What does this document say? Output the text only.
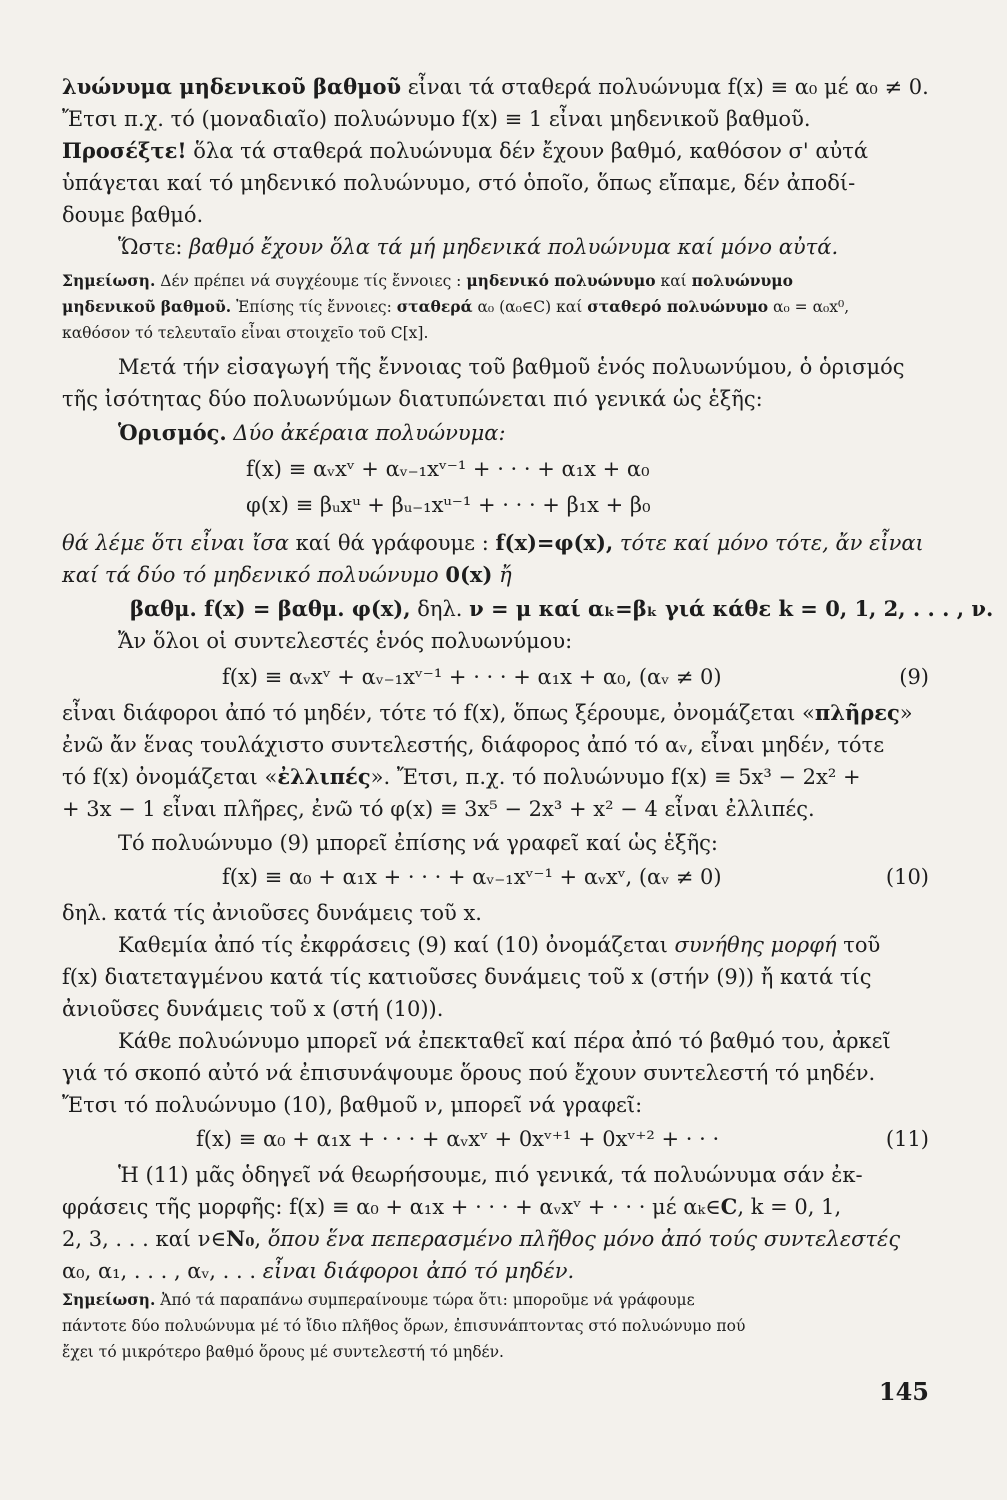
λυώνυμα μηδενικοῦ βαθμοῦ εἶναι τά σταθερά πολυώνυμα f(x) ≡ α₀ μέ α₀ ≠ 0.
Ἔτσι π.χ. τό (μοναδιαῖο) πολυώνυμο f(x) ≡ 1 εἶναι μηδενικοῦ βαθμοῦ.
Προσέξτε! ὅλα τά σταθερά πολυώνυμα δέν ἔχουν βαθμό, καθόσον σ' αὐτά
ὑπάγεται καί τό μηδενικό πολυώνυμο, στό ὁποῖο, ὅπως εἴπαμε, δέν ἀποδί-
δουμε βαθμό.
Ὥστε: βαθμό ἔχουν ὅλα τά μή μηδενικά πολυώνυμα καί μόνο αὐτά.
Σημείωση. Δέν πρέπει νά συγχέουμε τίς ἔννοιες : μηδενικό πολυώνυμο καί πολυώνυμο
μηδενικοῦ βαθμοῦ. Ἐπίσης τίς ἔννοιες: σταθερά α₀ (α₀∈C) καί σταθερό πολυώνυμο α₀ = α₀x⁰,
καθόσον τό τελευταῖο εἶναι στοιχεῖο τοῦ C[x].
Μετά τήν εἰσαγωγή τῆς ἔννοιας τοῦ βαθμοῦ ἑνός πολυωνύμου, ὁ ὁρισμός
τῆς ἰσότητας δύο πολυωνύμων διατυπώνεται πιό γενικά ὡς ἑξῆς:
Ὁρισμός. Δύο ἀκέραια πολυώνυμα:
f(x) ≡ αᵥxᵛ + αᵥ₋₁xᵛ⁻¹ + · · · + α₁x + α₀
φ(x) ≡ βᵤxᵘ + βᵤ₋₁xᵘ⁻¹ + · · · + β₁x + β₀
θά λέμε ὅτι εἶναι ἴσα καί θά γράφουμε : f(x)=φ(x), τότε καί μόνο τότε, ἄν εἶναι
καί τά δύο τό μηδενικό πολυώνυμο 0(x) ἤ
βαθμ. f(x) = βαθμ. φ(x), δηλ. ν = μ καί αₖ=βₖ γιά κάθε k = 0, 1, 2, . . . , ν.
Ἄν ὅλοι οἱ συντελεστές ἑνός πολυωνύμου:
f(x) ≡ αᵥxᵛ + αᵥ₋₁xᵛ⁻¹ + · · · + α₁x + α₀, (αᵥ ≠ 0)	(9)
εἶναι διάφοροι ἀπό τό μηδέν, τότε τό f(x), ὅπως ξέρουμε, ὀνομάζεται «πλῆρες»
ἐνῶ ἄν ἕνας τουλάχιστο συντελεστής, διάφορος ἀπό τό αᵥ, εἶναι μηδέν, τότε
τό f(x) ὀνομάζεται «ἐλλιπές». Ἔτσι, π.χ. τό πολυώνυμο f(x) ≡ 5x³ − 2x² +
+ 3x − 1 εἶναι πλῆρες, ἐνῶ τό φ(x) ≡ 3x⁵ − 2x³ + x² − 4 εἶναι ἐλλιπές.
Τό πολυώνυμο (9) μπορεῖ ἐπίσης νά γραφεῖ καί ὡς ἑξῆς:
f(x) ≡ α₀ + α₁x + · · · + αᵥ₋₁xᵛ⁻¹ + αᵥxᵛ, (αᵥ ≠ 0)	(10)
δηλ. κατά τίς ἀνιοῦσες δυνάμεις τοῦ x.
Καθεμία ἀπό τίς ἐκφράσεις (9) καί (10) ὀνομάζεται συνήθης μορφή τοῦ
f(x) διατεταγμένου κατά τίς κατιοῦσες δυνάμεις τοῦ x (στήν (9)) ἤ κατά τίς
ἀνιοῦσες δυνάμεις τοῦ x (στή (10)).
Κάθε πολυώνυμο μπορεῖ νά ἐπεκταθεῖ καί πέρα ἀπό τό βαθμό του, ἀρκεῖ
γιά τό σκοπό αὐτό νά ἐπισυνάψουμε ὅρους πού ἔχουν συντελεστή τό μηδέν.
Ἔτσι τό πολυώνυμο (10), βαθμοῦ ν, μπορεῖ νά γραφεῖ:
f(x) ≡ α₀ + α₁x + · · · + αᵥxᵛ + 0xᵛ⁺¹ + 0xᵛ⁺² + · · ·	(11)
Ἡ (11) μᾶς ὁδηγεῖ νά θεωρήσουμε, πιό γενικά, τά πολυώνυμα σάν ἐκ-
φράσεις τῆς μορφῆς: f(x) ≡ α₀ + α₁x + · · · + αᵥxᵛ + · · · μέ αₖ∈C, k = 0, 1,
2, 3, . . . καί ν∈N₀, ὅπου ἕνα πεπερασμένο πλῆθος μόνο ἀπό τούς συντελεστές
α₀, α₁, . . . , αᵥ, . . . εἶναι διάφοροι ἀπό τό μηδέν.
Σημείωση. Ἀπό τά παραπάνω συμπεραίνουμε τώρα ὅτι: μποροῦμε νά γράφουμε
πάντοτε δύο πολυώνυμα μέ τό ἴδιο πλῆθος ὅρων, ἐπισυνάπτοντας στό πολυώνυμο πού
ἔχει τό μικρότερο βαθμό ὅρους μέ συντελεστή τό μηδέν.
145
